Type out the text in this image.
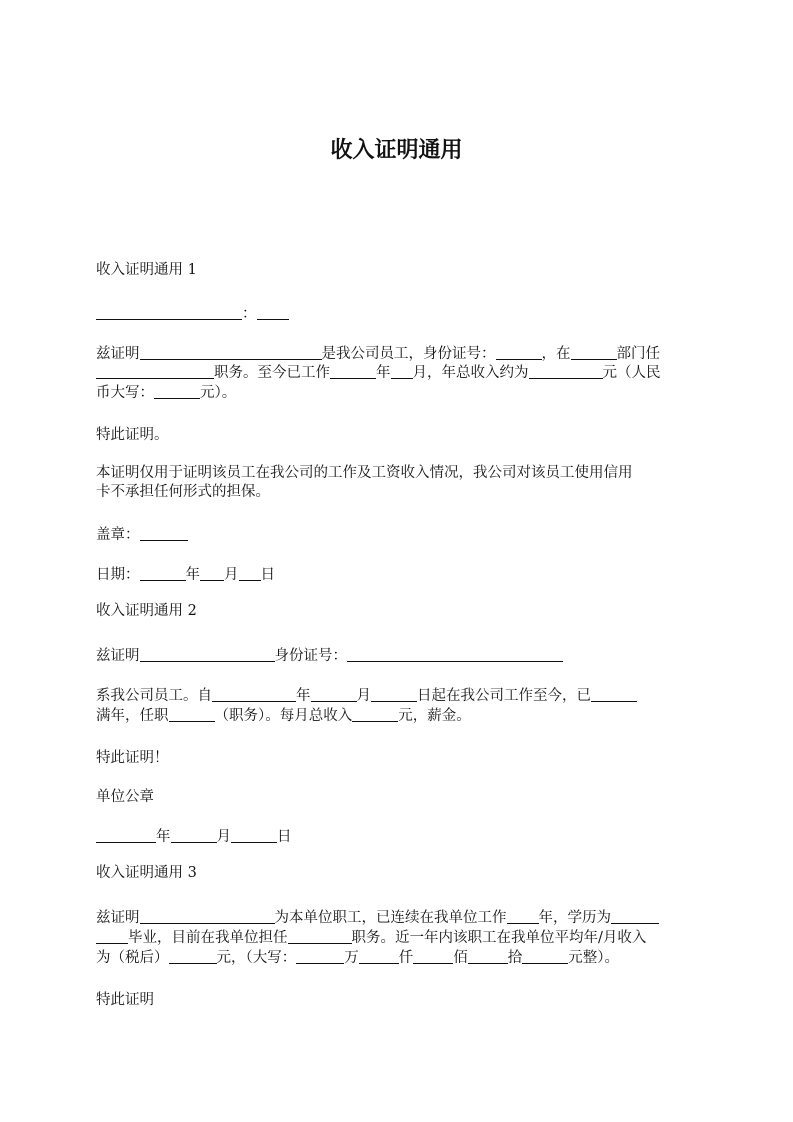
收入证明通用
收入证明通用 1
：
兹证明	是我公司员工，身份证号：	，在	部门任
职务。至今已工作	年 月，年总收入约为	元（人民
币大写：	元）。
特此证明。
本证明仅用于证明该员工在我公司的工作及工资收入情况，我公司对该员工使用信用
卡不承担任何形式的担保。
盖章：
日期：	年 月 日
收入证明通用 2
兹证明	身份证号：
系我公司员工。自	年	月	日起在我公司工作至今，已
满年，任职	（职务）。每月总收入	元，薪金。
特此证明！
单位公章
年	月	日
收入证明通用 3
兹证明	为本单位职工，已连续在我单位工作 年，学历为
毕业，目前在我单位担任	职务。近一年内该职工在我单位平均年/月收入
为（税后）	元，（大写：	万	仟	佰	拾	元整）。
特此证明
